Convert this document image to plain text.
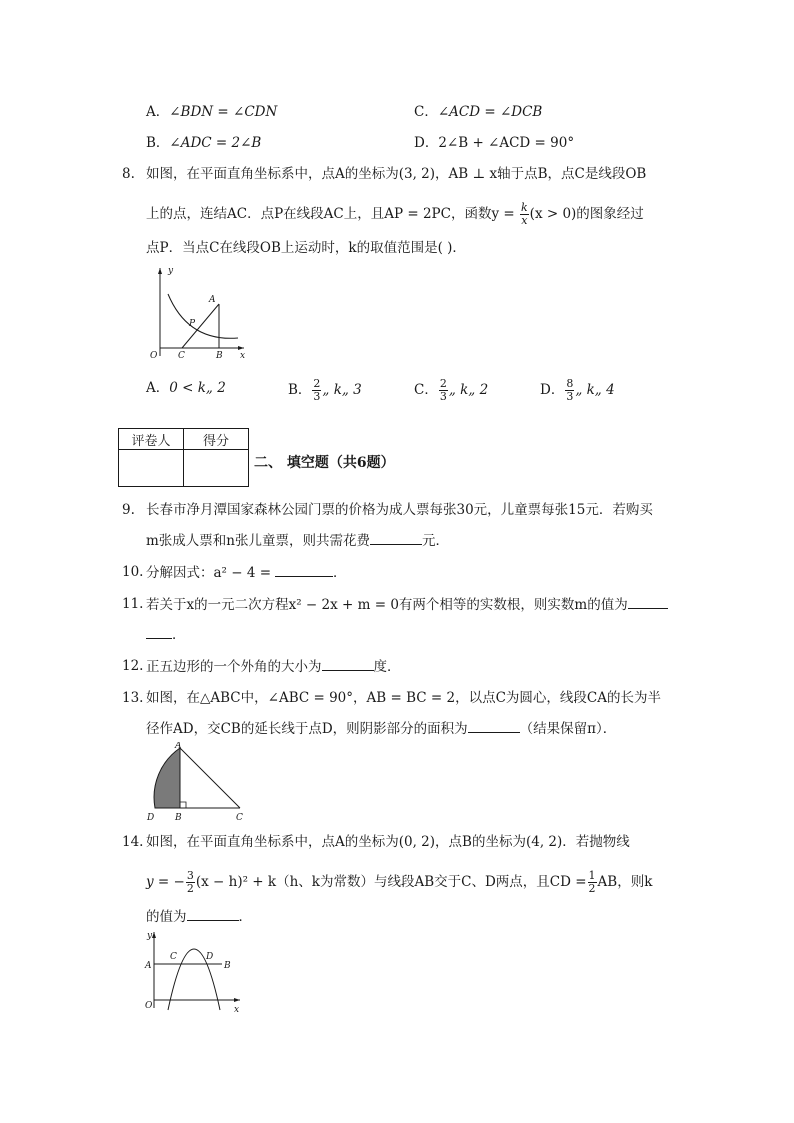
A．∠BDN = ∠CDN	C．∠ACD = ∠DCB
B．∠ADC = 2∠B	D．2∠B + ∠ACD = 90°
8. 如图，在平面直角坐标系中，点A的坐标为(3, 2)，AB ⊥ x轴于点B，点C是线段OB
上的点，连结AC．点P在线段AC上，且AP = 2PC，函数$y = \frac{k}{x} (x > 0)$的图象经过
点P．当点C在线段OB上运动时，k的取值范围是( )．
y
x
O C	B
A
P
A．0 < k„ 2	B． $\frac{2}{3}$ „ k„ 3	C． $\frac{2}{3}$ „ k„ 2	D． $\frac{8}{3}$ „ k„ 4
评卷人	得分

二、 填空题（共6题）
9. 长春市净月潭国家森林公园门票的价格为成人票每张30元，儿童票每张15元．若购买
m张成人票和n张儿童票，则共需花费	元．
10. 分解因式：a² − 4 =	．
11. 若关于x的一元二次方程x² − 2x + m = 0有两个相等的实数根，则实数m的值为
．
12. 正五边形的一个外角的大小为	度．
13. 如图，在△ABC中，∠ABC = 90°，AB = BC = 2，以点C为圆心，线段CA的长为半
径作AD，交CB的延长线于点D，则阴影部分的面积为	（结果保留π）．
A
B	C
D
14. 如图，在平面直角坐标系中，点A的坐标为(0, 2)，点B的坐标为(4, 2)．若抛物线
y = − $\frac{3}{2} (x - h)^2 + k(h$、k为常数）与线段AB交于C、D两点，且CD = $\frac{1}{2}$ AB，则k
的值为	．
y
x
O
A	B
C	D
